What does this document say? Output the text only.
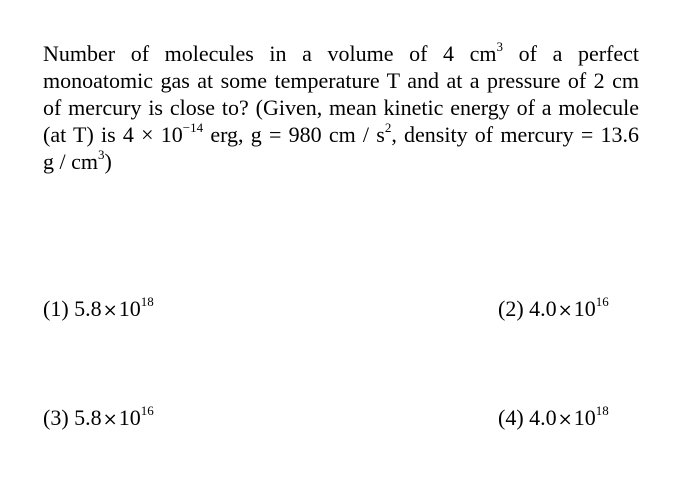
Number of molecules in a volume of 4 $cm^3$ of a perfect
monoatomic gas at some temperature T and at a pressure of 2 cm
of mercury is close to? (Given, mean kinetic energy of a molecule
(at T) is $4 \times 10^{-14}$ erg, g = 980 cm / $s^2$, density of mercury = 13.6
g / $cm^3$)
(1) $5.8\times 10^{18}$	(2) $4.0\times 10^{16}$
(3) $5.8\times 10^{16}$	(4) $4.0\times 10^{18}$
